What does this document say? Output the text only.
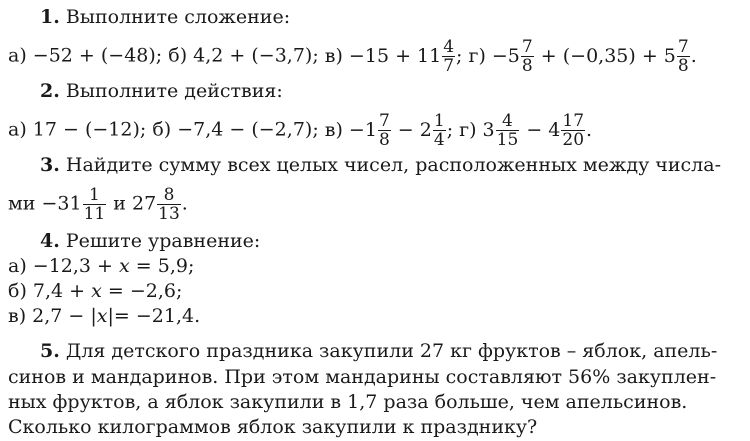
1. Выполните сложение:
а) −52 + (−48); б) 4,2 + (−3,7); $в) -15 + 11 \frac{4}{7}$ ; $г) -5 \frac{7}{8} + (-0,35) + 5 \frac{7}{8}$ .
2. Выполните действия:
а) 17 − (−12); б) −7,4 − (−2,7); $в) -1 \frac{7}{8} - 2 \frac{1}{4}$ ; г) $3 \frac{4}{15} - 4 \frac{17}{20}$ .
3. Найдите сумму всех целых чисел, расположенных между числа-
ми $-31 \frac{1}{11}$ и $27 \frac{8}{13}$ .
4. Решите уравнение:
а) −12,3 + x = 5,9;
б) 7,4 + x = −2,6;
в) 2,7 − |x|= −21,4.
5. Для детского праздника закупили 27 кг фруктов – яблок, апель-
синов и мандаринов. При этом мандарины составляют 56% закуплен-
ных фруктов, а яблок закупили в 1,7 раза больше, чем апельсинов.
Сколько килограммов яблок закупили к празднику?
